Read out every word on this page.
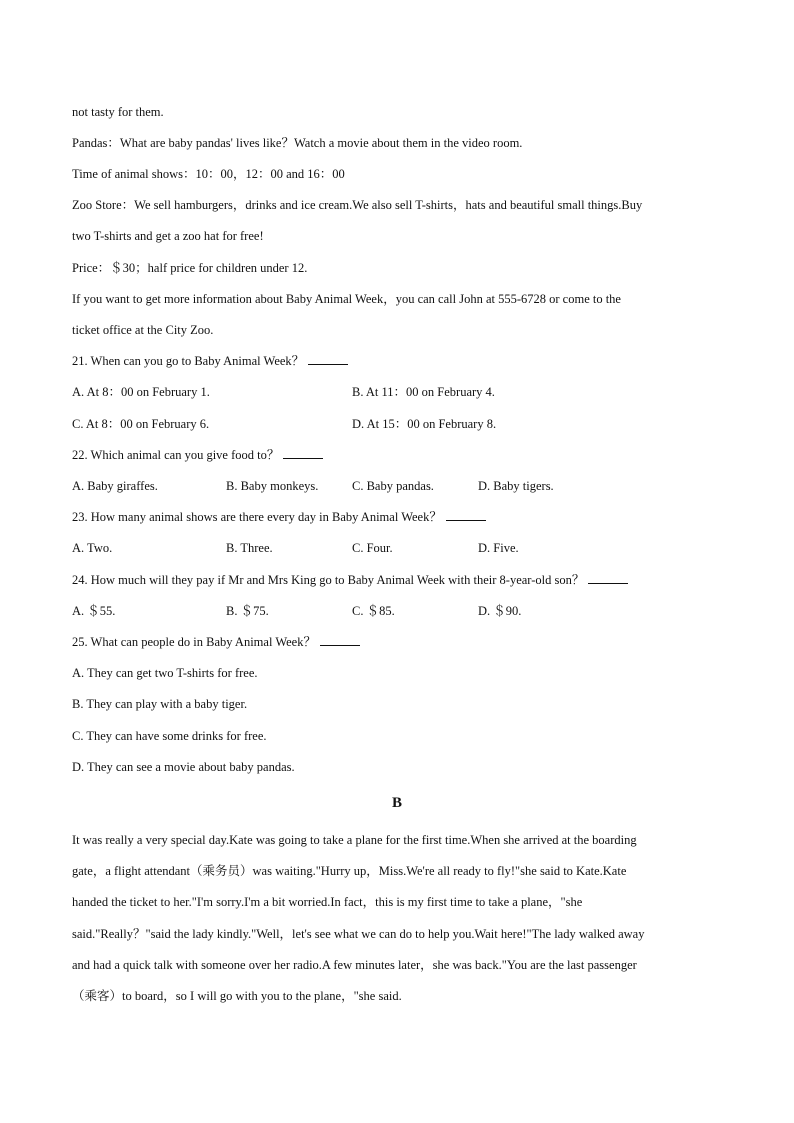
not tasty for them.
Pandas：What are baby pandas' lives like？Watch a movie about them in the video room.
Time of animal shows：10：00，12：00 and 16：00
Zoo Store：We sell hamburgers，drinks and ice cream.We also sell T-shirts，hats and beautiful small things.Buy
two T-shirts and get a zoo hat for free!
Price：＄30；half price for children under 12.
If you want to get more information about Baby Animal Week，you can call John at 555-6728 or come to the
ticket office at the City Zoo.
21. When can you go to Baby Animal Week？
A. At 8：00 on February 1.	B. At 11：00 on February 4.
C. At 8：00 on February 6.	D. At 15：00 on February 8.
22. Which animal can you give food to？
A. Baby giraffes.	B. Baby monkeys.	C. Baby pandas.	D. Baby tigers.
23. How many animal shows are there every day in Baby Animal Week？
A. Two.	B. Three.	C. Four.	D. Five.
24. How much will they pay if Mr and Mrs King go to Baby Animal Week with their 8-year-old son？
A. ＄55.	B. ＄75.	C. ＄85.	D. ＄90.
25. What can people do in Baby Animal Week？
A. They can get two T-shirts for free.
B. They can play with a baby tiger.
C. They can have some drinks for free.
D. They can see a movie about baby pandas.
B
It was really a very special day.Kate was going to take a plane for the first time.When she arrived at the boarding
gate，a flight attendant（乘务员）was waiting."Hurry up，Miss.We're all ready to fly!"she said to Kate.Kate
handed the ticket to her."I'm sorry.I'm a bit worried.In fact，this is my first time to take a plane，"she
said."Really？"said the lady kindly."Well，let's see what we can do to help you.Wait here!"The lady walked away
and had a quick talk with someone over her radio.A few minutes later，she was back."You are the last passenger
（乘客）to board，so I will go with you to the plane，"she said.
